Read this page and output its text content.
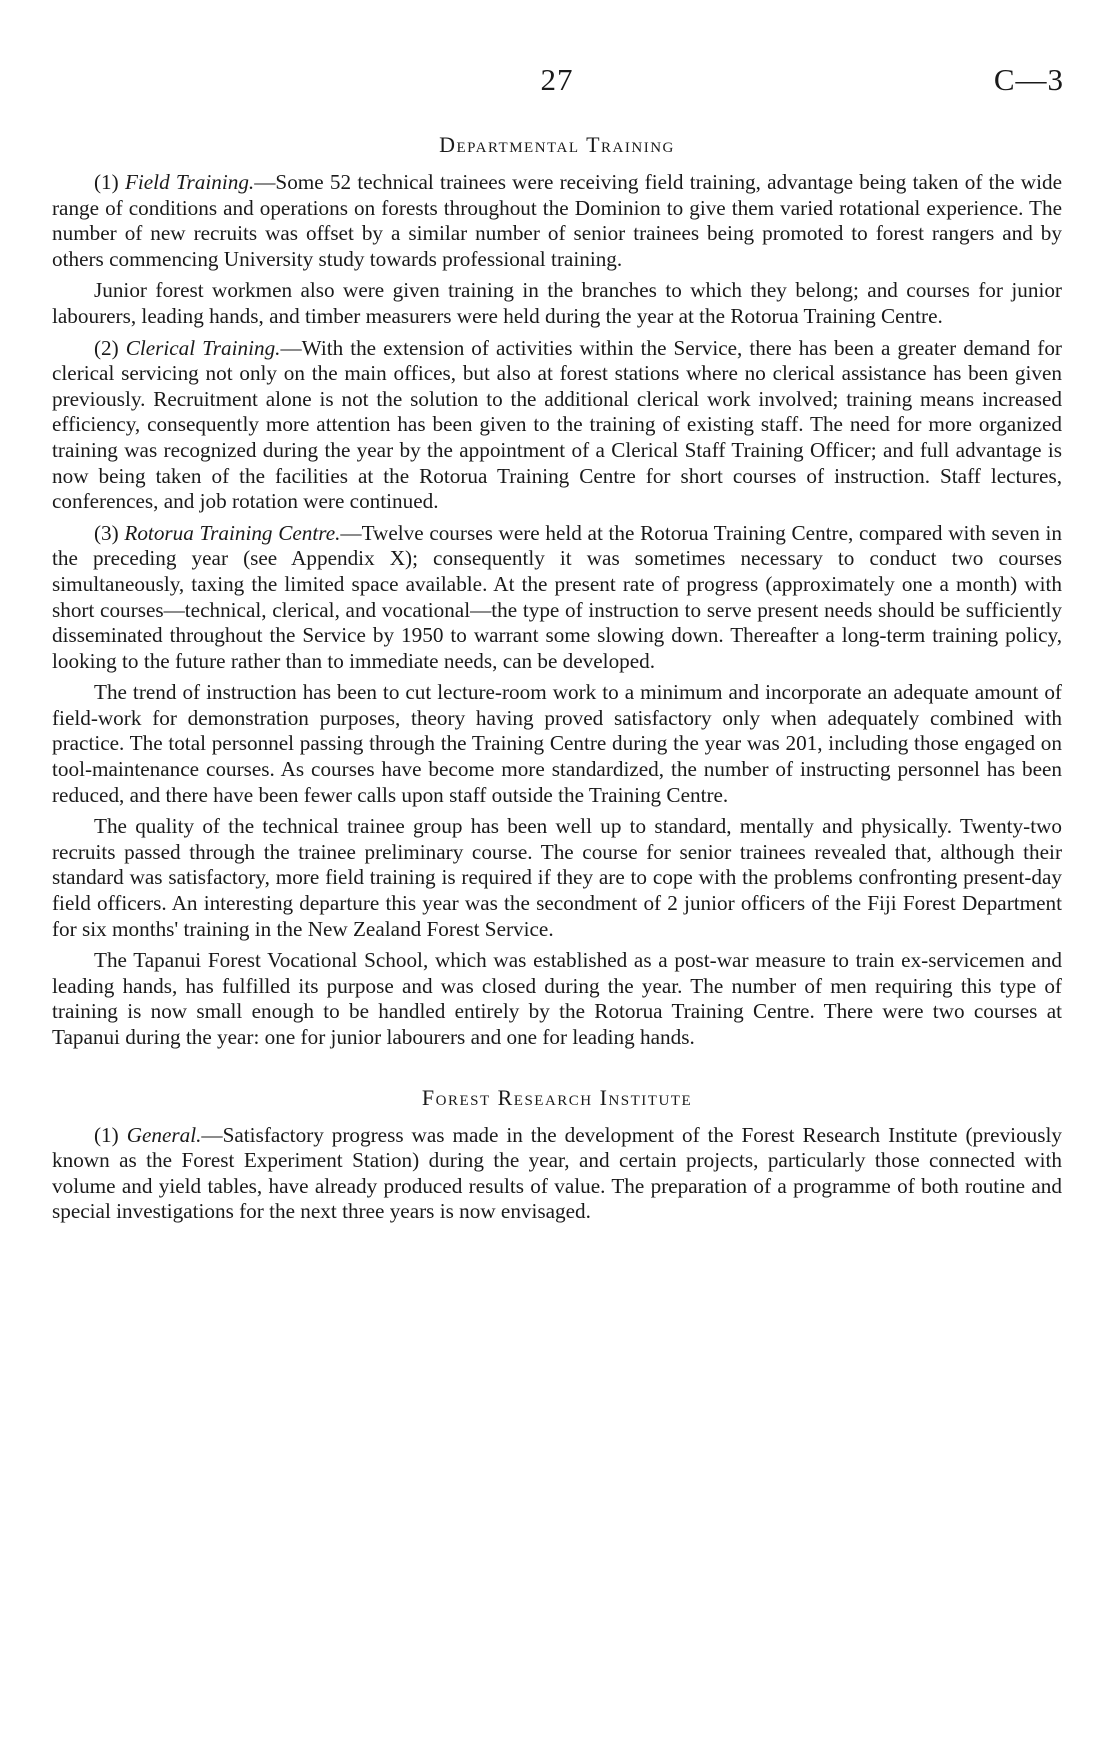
27	C—3
Departmental Training

(1) Field Training.—Some 52 technical trainees were receiving field training, advantage being taken of the wide range of conditions and operations on forests throughout the Dominion to give them varied rotational experience. The number of new recruits was offset by a similar number of senior trainees being promoted to forest rangers and by others commencing University study towards professional training.

Junior forest workmen also were given training in the branches to which they belong; and courses for junior labourers, leading hands, and timber measurers were held during the year at the Rotorua Training Centre.

(2) Clerical Training.—With the extension of activities within the Service, there has been a greater demand for clerical servicing not only on the main offices, but also at forest stations where no clerical assistance has been given previously. Recruitment alone is not the solution to the additional clerical work involved; training means increased efficiency, consequently more attention has been given to the training of existing staff. The need for more organized training was recognized during the year by the appointment of a Clerical Staff Training Officer; and full advantage is now being taken of the facilities at the Rotorua Training Centre for short courses of instruction. Staff lectures, conferences, and job rotation were continued.

(3) Rotorua Training Centre.—Twelve courses were held at the Rotorua Training Centre, compared with seven in the preceding year (see Appendix X); consequently it was sometimes necessary to conduct two courses simultaneously, taxing the limited space available. At the present rate of progress (approximately one a month) with short courses—technical, clerical, and vocational—the type of instruction to serve present needs should be sufficiently disseminated throughout the Service by 1950 to warrant some slowing down. Thereafter a long-term training policy, looking to the future rather than to immediate needs, can be developed.

The trend of instruction has been to cut lecture-room work to a minimum and incorporate an adequate amount of field-work for demonstration purposes, theory having proved satisfactory only when adequately combined with practice. The total personnel passing through the Training Centre during the year was 201, including those engaged on tool-maintenance courses. As courses have become more standardized, the number of instructing personnel has been reduced, and there have been fewer calls upon staff outside the Training Centre.

The quality of the technical trainee group has been well up to standard, mentally and physically. Twenty-two recruits passed through the trainee preliminary course. The course for senior trainees revealed that, although their standard was satisfactory, more field training is required if they are to cope with the problems confronting present-day field officers. An interesting departure this year was the secondment of 2 junior officers of the Fiji Forest Department for six months' training in the New Zealand Forest Service.

The Tapanui Forest Vocational School, which was established as a post-war measure to train ex-servicemen and leading hands, has fulfilled its purpose and was closed during the year. The number of men requiring this type of training is now small enough to be handled entirely by the Rotorua Training Centre. There were two courses at Tapanui during the year: one for junior labourers and one for leading hands.

Forest Research Institute

(1) General.—Satisfactory progress was made in the development of the Forest Research Institute (previously known as the Forest Experiment Station) during the year, and certain projects, particularly those connected with volume and yield tables, have already produced results of value. The preparation of a programme of both routine and special investigations for the next three years is now envisaged.
